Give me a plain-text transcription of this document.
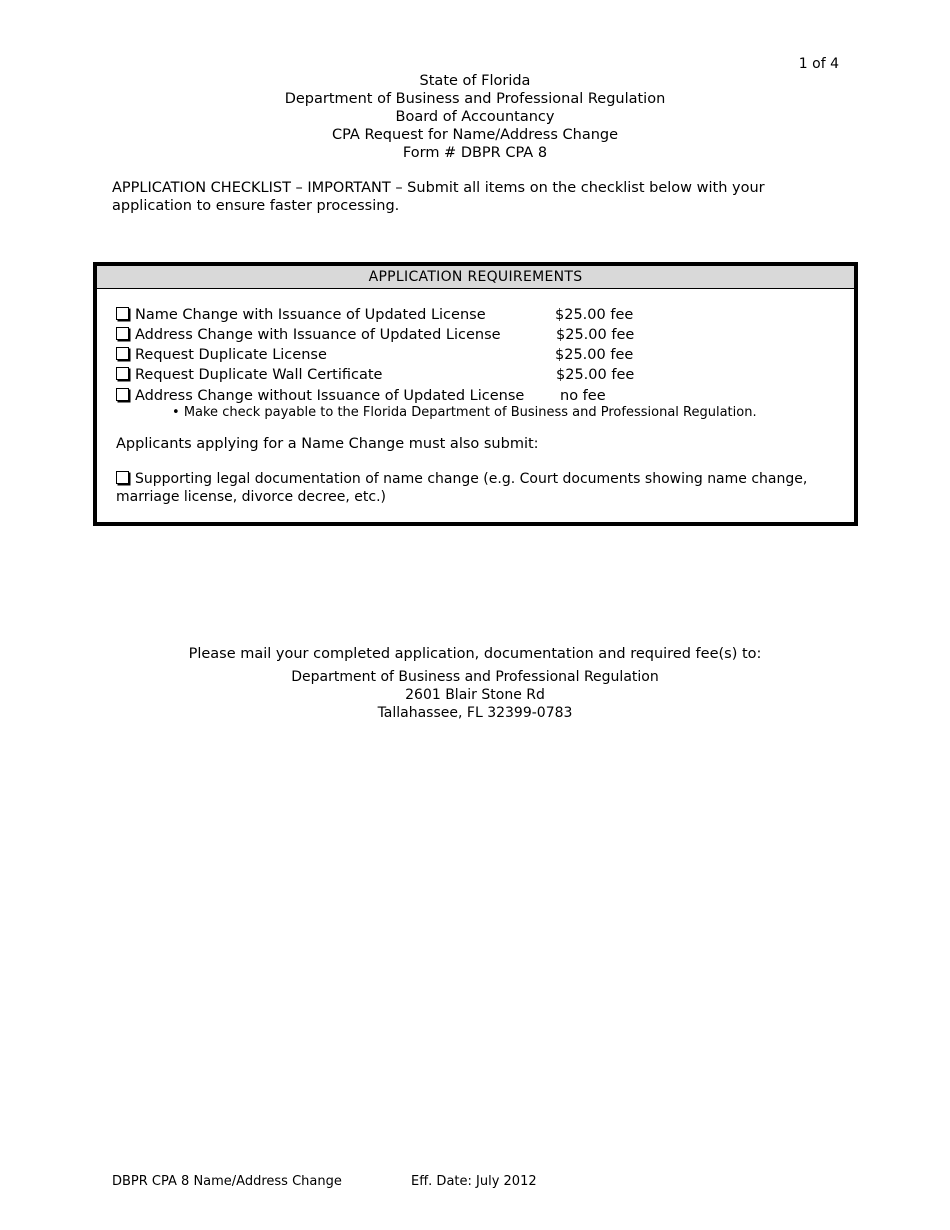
1 of 4
State of Florida
Department of Business and Professional Regulation
Board of Accountancy
CPA Request for Name/Address Change
Form # DBPR CPA 8
APPLICATION CHECKLIST – IMPORTANT – Submit all items on the checklist below with your application to ensure faster processing.
APPLICATION REQUIREMENTS
Name Change with Issuance of Updated License	$25.00 fee
Address Change with Issuance of Updated License	$25.00 fee
Request Duplicate License	$25.00 fee
Request Duplicate Wall Certificate	$25.00 fee
Address Change without Issuance of Updated License no fee
• Make check payable to the Florida Department of Business and Professional Regulation.
Applicants applying for a Name Change must also submit:
Supporting legal documentation of name change (e.g. Court documents showing name change, marriage license, divorce decree, etc.)
Please mail your completed application, documentation and required fee(s) to:
Department of Business and Professional Regulation
2601 Blair Stone Rd
Tallahassee, FL 32399-0783
DBPR CPA 8 Name/Address Change	Eff. Date: July 2012
